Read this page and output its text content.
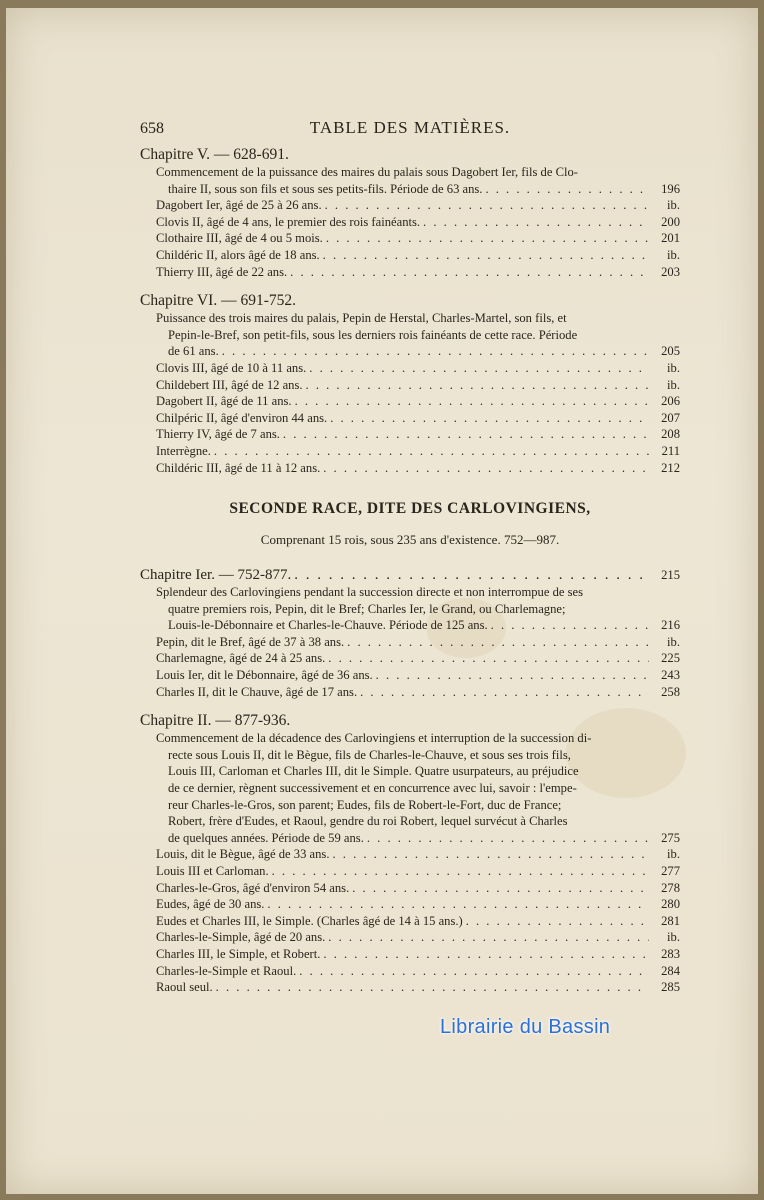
658	TABLE DES MATIÈRES.
Chapitre V. — 628-691.
Commencement de la puissance des maires du palais sous Dagobert Ier, fils de Clo-
thaire II, sous son fils et sous ses petits-fils. Période de 63 ans. . . .	196
Dagobert Ier, âgé de 25 à 26 ans. . . .	ib.
Clovis II, âgé de 4 ans, le premier des rois fainéants. . . .	200
Clothaire III, âgé de 4 ou 5 mois. . . .	201
Childéric II, alors âgé de 18 ans. . . .	ib.
Thierry III, âgé de 22 ans. . . .	203
Chapitre VI. — 691-752.
Puissance des trois maires du palais, Pepin de Herstal, Charles-Martel, son fils, et
Pepin-le-Bref, son petit-fils, sous les derniers rois fainéants de cette race. Période
de 61 ans. . . .	205
Clovis III, âgé de 10 à 11 ans. . . .	ib.
Childebert III, âgé de 12 ans. . . .	ib.
Dagobert II, âgé de 11 ans. . . .	206
Chilpéric II, âgé d'environ 44 ans. . . .	207
Thierry IV, âgé de 7 ans. . . .	208
Interrègne. . . .	211
Childéric III, âgé de 11 à 12 ans. . . .	212
SECONDE RACE, DITE DES CARLOVINGIENS,
Comprenant 15 rois, sous 235 ans d'existence. 752—987.
Chapitre Ier. — 752-877. . . .	215
Splendeur des Carlovingiens pendant la succession directe et non interrompue de ses
quatre premiers rois, Pepin, dit le Bref; Charles Ier, le Grand, ou Charlemagne;
Louis-le-Débonnaire et Charles-le-Chauve. Période de 125 ans. . . .	216
Pepin, dit le Bref, âgé de 37 à 38 ans. . . .	ib.
Charlemagne, âgé de 24 à 25 ans. . . .	225
Louis Ier, dit le Débonnaire, âgé de 36 ans. . . .	243
Charles II, dit le Chauve, âgé de 17 ans. . . .	258
Chapitre II. — 877-936.
Commencement de la décadence des Carlovingiens et interruption de la succession di-
recte sous Louis II, dit le Bègue, fils de Charles-le-Chauve, et sous ses trois fils,
Louis III, Carloman et Charles III, dit le Simple. Quatre usurpateurs, au préjudice
de ce dernier, règnent successivement et en concurrence avec lui, savoir : l'empe-
reur Charles-le-Gros, son parent; Eudes, fils de Robert-le-Fort, duc de France;
Robert, frère d'Eudes, et Raoul, gendre du roi Robert, lequel survécut à Charles
de quelques années. Période de 59 ans. . . .	275
Louis, dit le Bègue, âgé de 33 ans. . . .	ib.
Louis III et Carloman. . . .	277
Charles-le-Gros, âgé d'environ 54 ans. . . .	278
Eudes, âgé de 30 ans. . . .	280
Eudes et Charles III, le Simple. (Charles âgé de 14 à 15 ans.) . . .	281
Charles-le-Simple, âgé de 20 ans. . . .	ib.
Charles III, le Simple, et Robert. . . .	283
Charles-le-Simple et Raoul. . . .	284
Raoul seul. . . .	285
Librairie du Bassin
